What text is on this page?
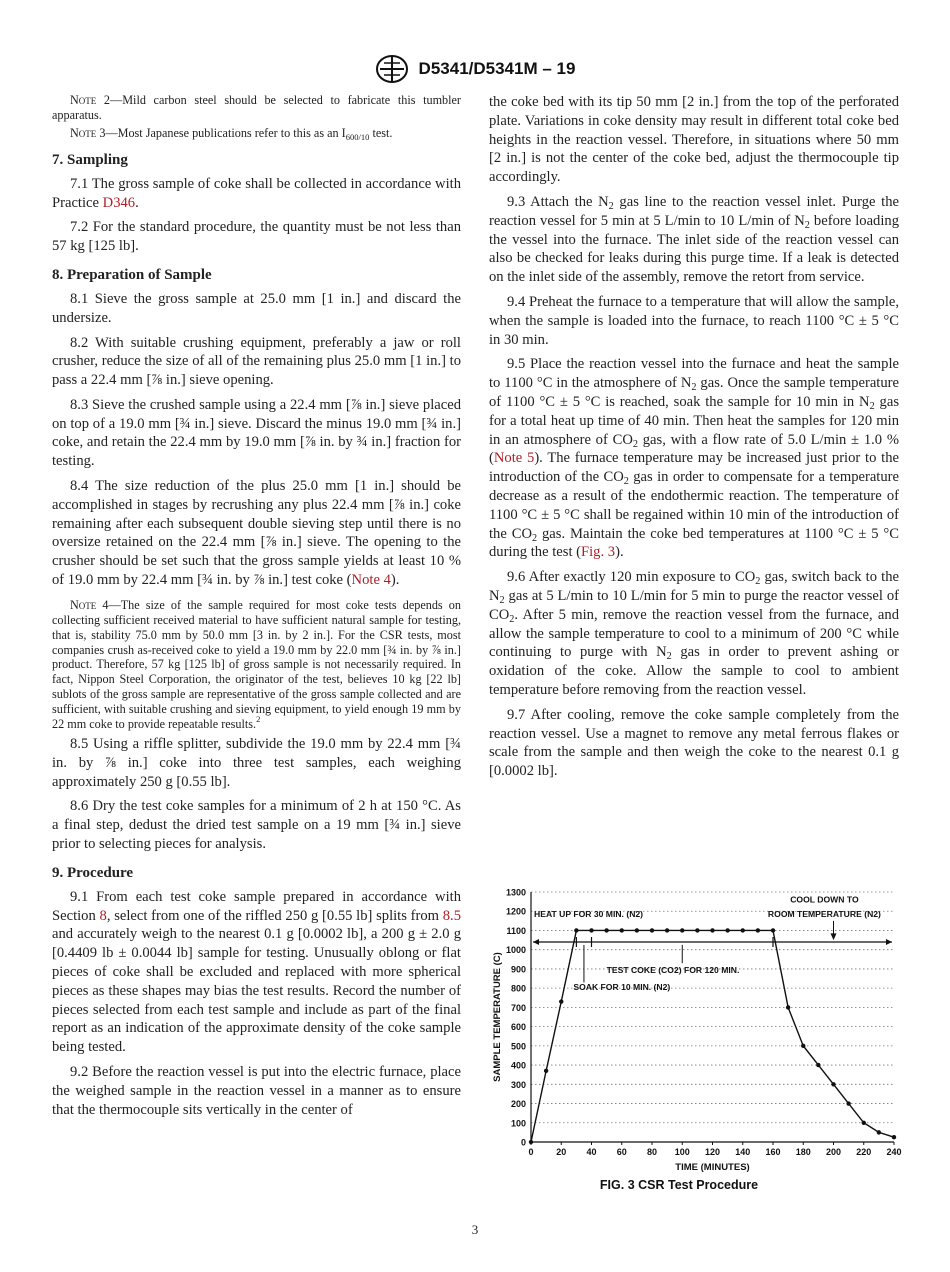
D5341/D5341M – 19
Note 2—Mild carbon steel should be selected to fabricate this tumbler apparatus.
Note 3—Most Japanese publications refer to this as an $I_{600/10}$ test.
7. Sampling
7.1 The gross sample of coke shall be collected in accordance with Practice D346.
7.2 For the standard procedure, the quantity must be not less than 57 kg [125 lb].
8. Preparation of Sample
8.1 Sieve the gross sample at 25.0 mm [1 in.] and discard the undersize.
8.2 With suitable crushing equipment, preferably a jaw or roll crusher, reduce the size of all of the remaining plus 25.0 mm [1 in.] to pass a 22.4 mm [⅞ in.] sieve opening.
8.3 Sieve the crushed sample using a 22.4 mm [⅞ in.] sieve placed on top of a 19.0 mm [¾ in.] sieve. Discard the minus 19.0 mm [¾ in.] coke, and retain the 22.4 mm by 19.0 mm [⅞ in. by ¾ in.] fraction for testing.
8.4 The size reduction of the plus 25.0 mm [1 in.] should be accomplished in stages by recrushing any plus 22.4 mm [⅞ in.] coke remaining after each subsequent double sieving step until there is no oversize retained on the 22.4 mm [⅞ in.] sieve. The opening to the crusher should be set such that the gross sample yields at least 10 % of 19.0 mm by 22.4 mm [¾ in. by ⅞ in.] test coke (Note 4).
Note 4—The size of the sample required for most coke tests depends on collecting sufficient received material to have sufficient natural sample for testing, that is, stability 75.0 mm by 50.0 mm [3 in. by 2 in.]. For the CSR tests, most companies crush as-received coke to yield a 19.0 mm by 22.0 mm [¾ in. by ⅞ in.] product. Therefore, 57 kg [125 lb] of gross sample is not necessarily required. In fact, Nippon Steel Corporation, the originator of the test, believes 10 kg [22 lb] sublots of the gross sample are representative of the gross sample collected and are sufficient, with suitable crushing and sieving equipment, to yield enough 19 mm by 22 mm coke to provide repeatable results.$^2$
8.5 Using a riffle splitter, subdivide the 19.0 mm by 22.4 mm [¾ in. by ⅞ in.] coke into three test samples, each weighing approximately 250 g [0.55 lb].
8.6 Dry the test coke samples for a minimum of 2 h at 150 °C. As a final step, dedust the dried test sample on a 19 mm [¾ in.] sieve prior to selecting pieces for analysis.
9. Procedure
9.1 From each test coke sample prepared in accordance with Section 8, select from one of the riffled 250 g [0.55 lb] splits from 8.5 and accurately weigh to the nearest 0.1 g [0.0002 lb], a 200 g ± 2.0 g [0.4409 lb ± 0.0044 lb] sample for testing. Unusually oblong or flat pieces of coke shall be excluded and replaced with more spherical pieces as these shapes may bias the test results. Record the number of pieces selected from each test sample and include as part of the final report as an indication of the approximate density of the coke sample being tested.
9.2 Before the reaction vessel is put into the electric furnace, place the weighed sample in the reaction vessel in a manner as to ensure that the thermocouple sits vertically in the center of
the coke bed with its tip 50 mm [2 in.] from the top of the perforated plate. Variations in coke density may result in different total coke bed heights in the reaction vessel. Therefore, in situations where 50 mm [2 in.] is not the center of the coke bed, adjust the thermocouple tip accordingly.
9.3 Attach the $N_2$ gas line to the reaction vessel inlet. Purge the reaction vessel for 5 min at 5 L/min to 10 L/min of $N_2$ before loading the vessel into the furnace. The inlet side of the reaction vessel can also be checked for leaks during this purge time. If a leak is detected on the inlet side of the assembly, remove the retort from service.
9.4 Preheat the furnace to a temperature that will allow the sample, when the sample is loaded into the furnace, to reach 1100 °C ± 5 °C in 30 min.
9.5 Place the reaction vessel into the furnace and heat the sample to 1100 °C in the atmosphere of $N_2$ gas. Once the sample temperature of 1100 °C ± 5 °C is reached, soak the sample for 10 min in $N_2$ gas for a total heat up time of 40 min. Then heat the samples for 120 min in an atmosphere of $CO_2$ gas, with a flow rate of 5.0 L/min ± 1.0 % (Note 5). The furnace temperature may be increased just prior to the introduction of the $CO_2$ gas in order to compensate for a temperature decrease as a result of the endothermic reaction. The temperature of 1100 °C ± 5 °C shall be regained within 10 min of the introduction of the $CO_2$ gas. Maintain the coke bed temperatures at 1100 °C ± 5 °C during the test (Fig. 3).
9.6 After exactly 120 min exposure to $CO_2$ gas, switch back to the $N_2$ gas at 5 L/min to 10 L/min for 5 min to purge the reactor vessel of $CO_2$. After 5 min, remove the reaction vessel from the furnace, and allow the sample temperature to cool to a minimum of 200 °C while continuing to purge with $N_2$ gas in order to prevent ashing or oxidation of the coke. Allow the sample to cool to ambient temperature before removing from the reaction vessel.
9.7 After cooling, remove the coke sample completely from the reaction vessel. Use a magnet to remove any metal ferrous flakes or scale from the sample and then weigh the coke to the nearest 0.1 g [0.0002 lb].
0
100
200
300
400
500
600
700
800
900
1000
1100
1200
1300
0	20 40 60 80 100 120 140 160 180 200 220 240
TIME (MINUTES)
SAMPLE TEMPERATURE (C)
HEAT UP FOR 30 MIN. (N2)
COOL DOWN TO
ROOM TEMPERATURE (N2)
TEST COKE (CO2) FOR 120 MIN.
SOAK FOR 10 MIN. (N2)
FIG. 3 CSR Test Procedure
3
